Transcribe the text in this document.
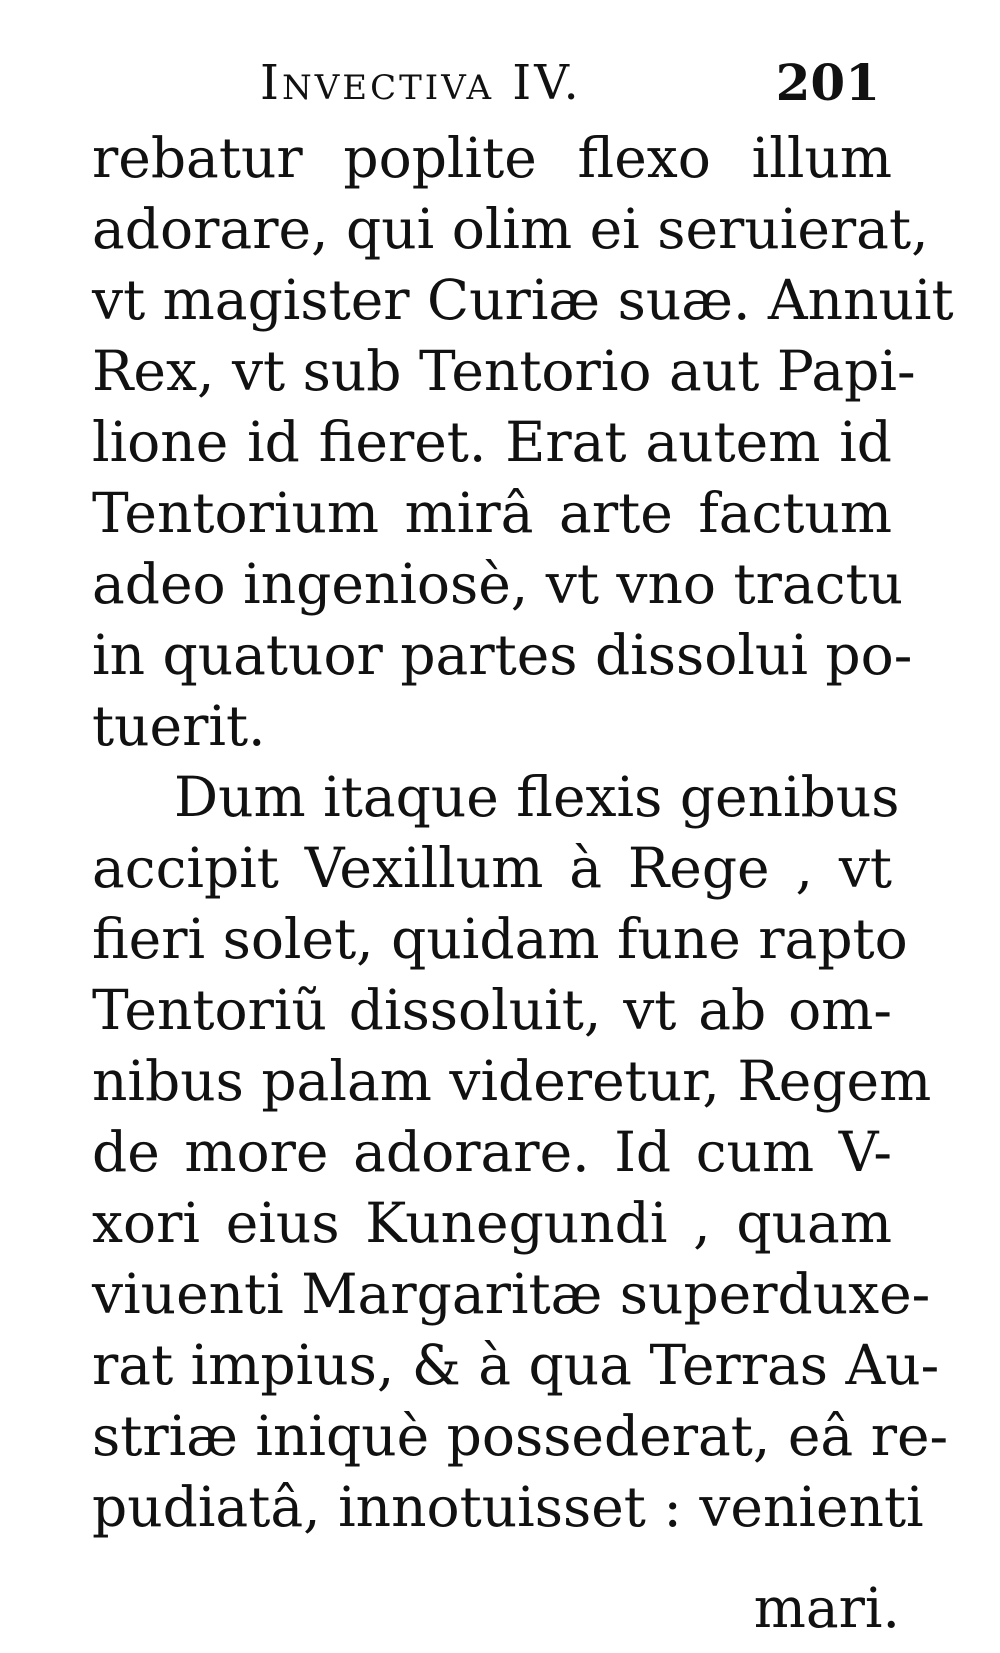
Invectiva IV.	201
rebatur poplite flexo illum
adorare, qui olim ei seruierat,
vt magister Curiæ suæ. Annuit
Rex, vt sub Tentorio aut Papi-
lione id fieret. Erat autem id
Tentorium mirâ arte factum
adeo ingeniosè, vt vno tractu
in quatuor partes dissolui po-
tuerit.
Dum itaque flexis genibus
accipit Vexillum à Rege , vt
fieri solet, quidam fune rapto
Tentoriũ dissoluit, vt ab om-
nibus palam videretur, Regem
de more adorare. Id cum V-
xori eius Kunegundi , quam
viuenti Margaritæ superduxe-
rat impius, & à qua Terras Au-
striæ iniquè possederat, eâ re-
pudiatâ, innotuisset : venienti
mari.
